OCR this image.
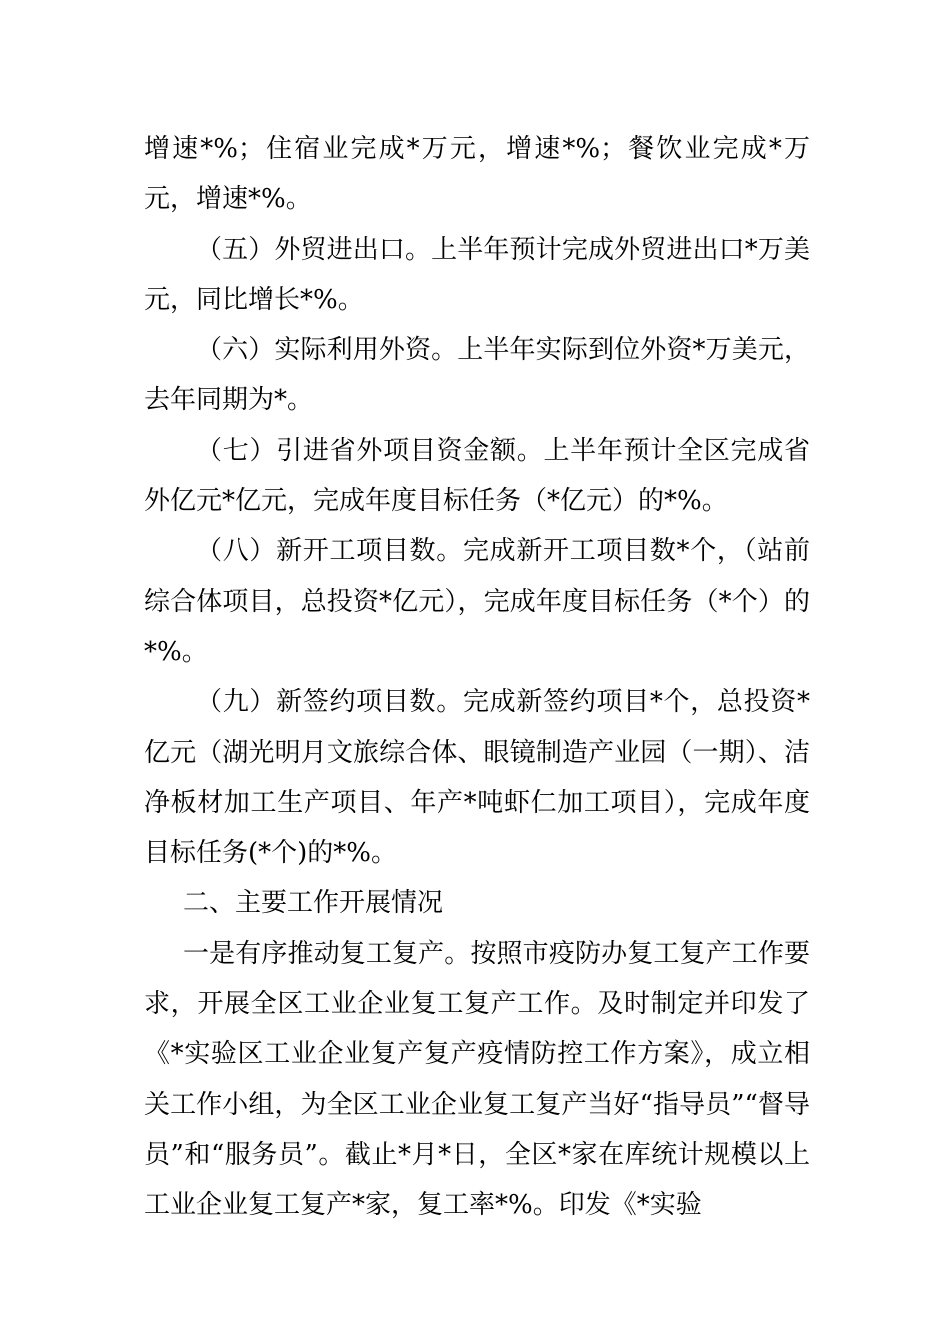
增速*%；住宿业完成*万元，增速*%；餐饮业完成*万元，增速*%。

（五）外贸进出口。上半年预计完成外贸进出口*万美元，同比增长*%。

（六）实际利用外资。上半年实际到位外资*万美元，去年同期为*。

（七）引进省外项目资金额。上半年预计全区完成省外亿元*亿元，完成年度目标任务（*亿元）的*%。

（八）新开工项目数。完成新开工项目数*个，（站前综合体项目，总投资*亿元），完成年度目标任务（*个）的*%。

（九）新签约项目数。完成新签约项目*个，总投资*亿元（湖光明月文旅综合体、眼镜制造产业园（一期）、洁净板材加工生产项目、年产*吨虾仁加工项目），完成年度目标任务(*个)的*%。

二、主要工作开展情况

一是有序推动复工复产。按照市疫防办复工复产工作要求，开展全区工业企业复工复产工作。及时制定并印发了《*实验区工业企业复产复产疫情防控工作方案》，成立相关工作小组，为全区工业企业复工复产当好“指导员”“督导员”和“服务员”。截止*月*日，全区*家在库统计规模以上工业企业复工复产*家，复工率*%。印发《*实验
